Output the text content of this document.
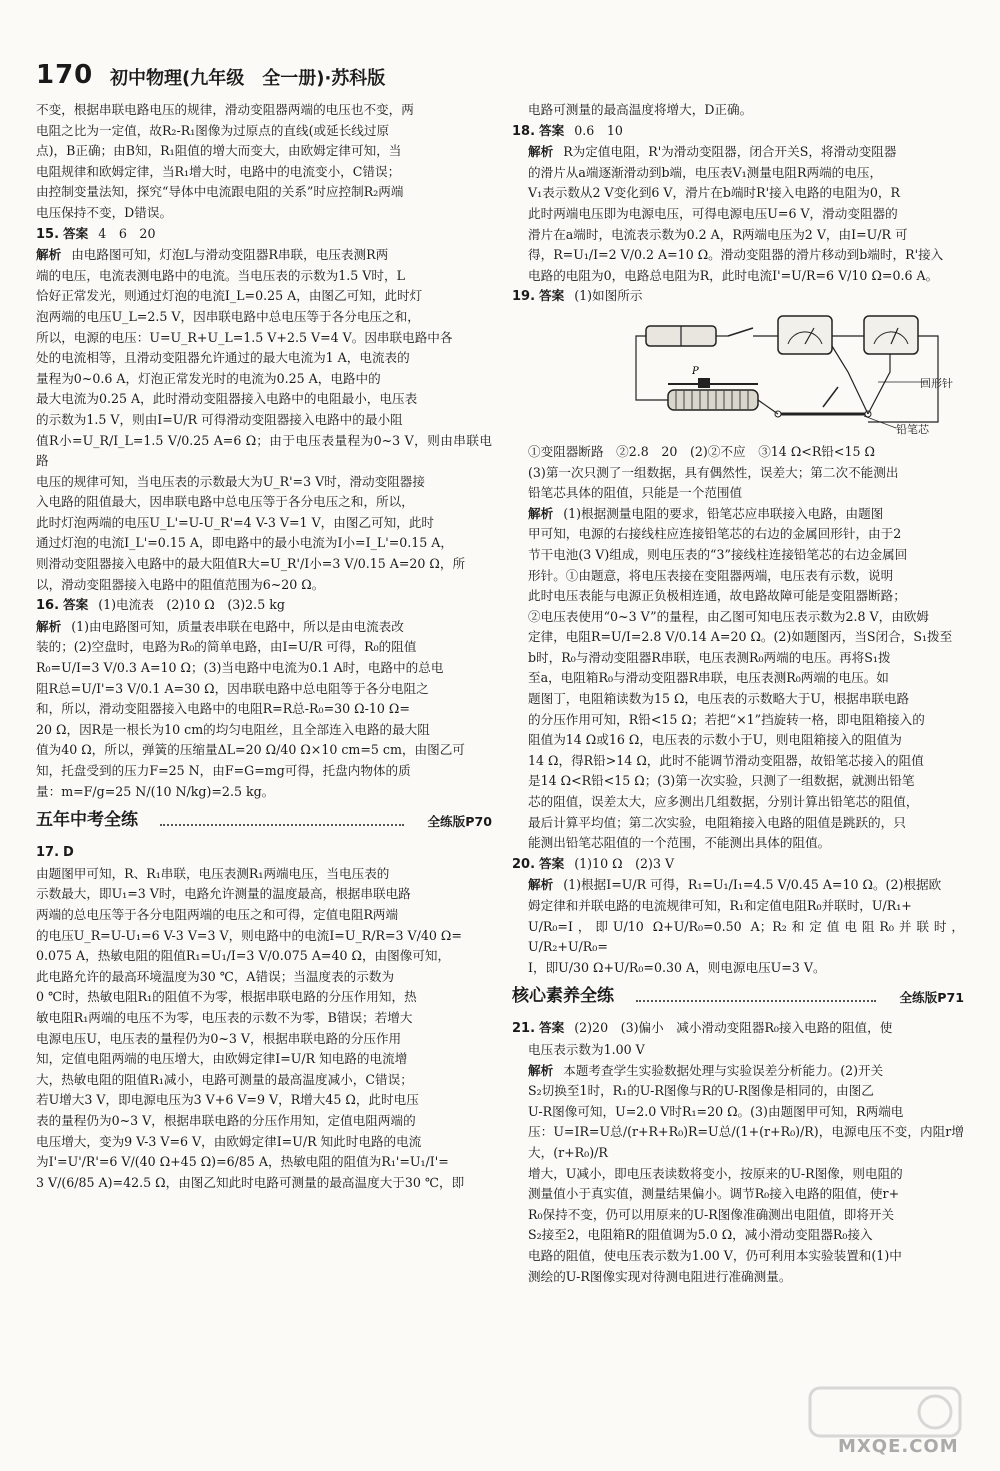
170 初中物理(九年级　全一册)·苏科版

不变，根据串联电路电压的规律，滑动变阻器两端的电压也不变，两

电阻之比为一定值，故R₂-R₁图像为过原点的直线(或延长线过原

点)，B正确；由B知，R₁阻值的增大而变大，由欧姆定律可知，当

电阻规律和欧姆定律，当R₁增大时，电路中的电流变小，C错误；

由控制变量法知，探究“导体中电流跟电阻的关系”时应控制R₂两端

电压保持不变，D错误。

15. 答案 4　6　20

解析 由电路图可知，灯泡L与滑动变阻器R串联，电压表测R两

端的电压，电流表测电路中的电流。当电压表的示数为1.5 V时，L

恰好正常发光，则通过灯泡的电流I_L=0.25 A，由图乙可知，此时灯

泡两端的电压U_L=2.5 V，因串联电路中总电压等于各分电压之和，

所以，电源的电压：U=U_R+U_L=1.5 V+2.5 V=4 V。因串联电路中各

处的电流相等，且滑动变阻器允许通过的最大电流为1 A，电流表的

量程为0~0.6 A，灯泡正常发光时的电流为0.25 A，电路中的

最大电流为0.25 A，此时滑动变阻器接入电路中的电阻最小，电压表

的示数为1.5 V，则由I=U/R 可得滑动变阻器接入电路中的最小阻

值R小=U_R/I_L=1.5 V/0.25 A=6 Ω；由于电压表量程为0~3 V，则由串联电路

电压的规律可知，当电压表的示数最大为U_R'=3 V时，滑动变阻器接

入电路的阻值最大，因串联电路中总电压等于各分电压之和，所以，

此时灯泡两端的电压U_L'=U-U_R'=4 V-3 V=1 V，由图乙可知，此时

通过灯泡的电流I_L'=0.15 A，即电路中的最小电流为I小=I_L'=0.15 A，

则滑动变阻器接入电路中的最大阻值R大=U_R'/I小=3 V/0.15 A=20 Ω，所

以，滑动变阻器接入电路中的阻值范围为6~20 Ω。

16. 答案 (1)电流表　(2)10 Ω　(3)2.5 kg

解析 (1)由电路图可知，质量表串联在电路中，所以是由电流表改

装的；(2)空盘时，电路为R₀的简单电路，由I=U/R 可得，R₀的阻值

R₀=U/I=3 V/0.3 A=10 Ω；(3)当电路中电流为0.1 A时，电路中的总电

阻R总=U/I'=3 V/0.1 A=30 Ω，因串联电路中总电阻等于各分电阻之

和，所以，滑动变阻器接入电路中的电阻R=R总-R₀=30 Ω-10 Ω=

20 Ω，因R是一根长为10 cm的均匀电阻丝，且全部连入电路的最大阻

值为40 Ω，所以，弹簧的压缩量ΔL=20 Ω/40 Ω×10 cm=5 cm，由图乙可

知，托盘受到的压力F=25 N，由F=G=mg可得，托盘内物体的质

量：m=F/g=25 N/(10 N/kg)=2.5 kg。

五年中考全练	全练版P70

17. D

由题图甲可知，R、R₁串联，电压表测R₁两端电压，当电压表的

示数最大，即U₁=3 V时，电路允许测量的温度最高，根据串联电路

两端的总电压等于各分电阻两端的电压之和可得，定值电阻R两端

的电压U_R=U-U₁=6 V-3 V=3 V，则电路中的电流I=U_R/R=3 V/40 Ω=

0.075 A，热敏电阻的阻值R₁=U₁/I=3 V/0.075 A=40 Ω，由图像可知，

此电路允许的最高环境温度为30 ℃，A错误；当温度表的示数为

0 ℃时，热敏电阻R₁的阻值不为零，根据串联电路的分压作用知，热

敏电阻R₁两端的电压不为零，电压表的示数不为零，B错误；若增大

电源电压U，电压表的量程仍为0~3 V，根据串联电路的分压作用

知，定值电阻两端的电压增大，由欧姆定律I=U/R 知电路的电流增

大，热敏电阻的阻值R₁减小，电路可测量的最高温度减小，C错误；

若U增大3 V，即电源电压为3 V+6 V=9 V，R增大45 Ω，此时电压

表的量程仍为0~3 V，根据串联电路的分压作用知，定值电阻两端的

电压增大，变为9 V-3 V=6 V，由欧姆定律I=U/R 知此时电路的电流

为I'=U'/R'=6 V/(40 Ω+45 Ω)=6/85 A，热敏电阻的阻值为R₁'=U₁/I'=

3 V/(6/85 A)=42.5 Ω，由图乙知此时电路可测量的最高温度大于30 ℃，即

电路可测量的最高温度将增大，D正确。

18. 答案 0.6　10

解析 R为定值电阻，R'为滑动变阻器，闭合开关S，将滑动变阻器

的滑片从a端逐渐滑动到b端，电压表V₁测量电阻R两端的电压，

V₁表示数从2 V变化到6 V，滑片在b端时R'接入电路的电阻为0，R

此时两端电压即为电源电压，可得电源电压U=6 V，滑动变阻器的

滑片在a端时，电流表示数为0.2 A，R两端电压为2 V，由I=U/R 可

得，R=U₁/I=2 V/0.2 A=10 Ω。滑动变阻器的滑片移动到b端时，R'接入

电路的电阻为0，电路总电阻为R，此时电流I'=U/R=6 V/10 Ω=0.6 A。

19. 答案 (1)如图所示

P
回形针
铅笔芯

①变阻器断路　②2.8　20　(2)②不应　③14 Ω<R铅<15 Ω

(3)第一次只测了一组数据，具有偶然性，误差大；第二次不能测出

铅笔芯具体的阻值，只能是一个范围值

解析 (1)根据测量电阻的要求，铅笔芯应串联接入电路，由题图

甲可知，电源的右接线柱应连接铅笔芯的右边的金属回形针，由于2

节干电池(3 V)组成，则电压表的“3”接线柱连接铅笔芯的右边金属回

形针。①由题意，将电压表接在变阻器两端，电压表有示数，说明

此时电压表能与电源正负极相连通，故电路故障可能是变阻器断路；

②电压表使用“0~3 V”的量程，由乙图可知电压表示数为2.8 V，由欧姆

定律，电阻R=U/I=2.8 V/0.14 A=20 Ω。(2)如题图丙，当S闭合，S₁拨至

b时，R₀与滑动变阻器R串联，电压表测R₀两端的电压。再将S₁拨

至a，电阻箱R₀与滑动变阻器R串联，电压表测R₀两端的电压。如

题图丁，电阻箱读数为15 Ω，电压表的示数略大于U，根据串联电路

的分压作用可知，R铅<15 Ω；若把“×1”挡旋转一格，即电阻箱接入的

阻值为14 Ω或16 Ω，电压表的示数小于U，则电阻箱接入的阻值为

14 Ω，得R铅>14 Ω，此时不能调节滑动变阻器，故铅笔芯接入的阻值

是14 Ω<R铅<15 Ω；(3)第一次实验，只测了一组数据，就测出铅笔

芯的阻值，误差太大，应多测出几组数据，分别计算出铅笔芯的阻值，

最后计算平均值；第二次实验，电阻箱接入电路的阻值是跳跃的，只

能测出铅笔芯阻值的一个范围，不能测出具体的阻值。

20. 答案 (1)10 Ω　(2)3 V

解析 (1)根据I=U/R 可得，R₁=U₁/I₁=4.5 V/0.45 A=10 Ω。(2)根据欧

姆定律和并联电路的电流规律可知，R₁和定值电阻R₀并联时，U/R₁+

U/R₀=I，即U/10 Ω+U/R₀=0.50 A；R₂和定值电阻R₀并联时，U/R₂+U/R₀=

I，即U/30 Ω+U/R₀=0.30 A，则电源电压U=3 V。

核心素养全练	全练版P71

21. 答案 (2)20　(3)偏小　减小滑动变阻器R₀接入电路的阻值，使

电压表示数为1.00 V

解析 本题考查学生实验数据处理与实验误差分析能力。(2)开关

S₂切换至1时，R₁的U-R图像与R的U-R图像是相同的，由图乙

U-R图像可知，U=2.0 V时R₁=20 Ω。(3)由题图甲可知，R两端电

压：U=IR=U总/(r+R+R₀)R=U总/(1+(r+R₀)/R)，电源电压不变，内阻r增大，(r+R₀)/R

增大，U减小，即电压表读数将变小，按原来的U-R图像，则电阻的

测量值小于真实值，测量结果偏小。调节R₀接入电路的阻值，使r+

R₀保持不变，仍可以用原来的U-R图像准确测出电阻值，即将开关

S₂接至2，电阻箱R的阻值调为5.0 Ω，减小滑动变阻器R₀接入

电路的阻值，使电压表示数为1.00 V，仍可利用本实验装置和(1)中

测绘的U-R图像实现对待测电阻进行准确测量。

MXQE.COM
